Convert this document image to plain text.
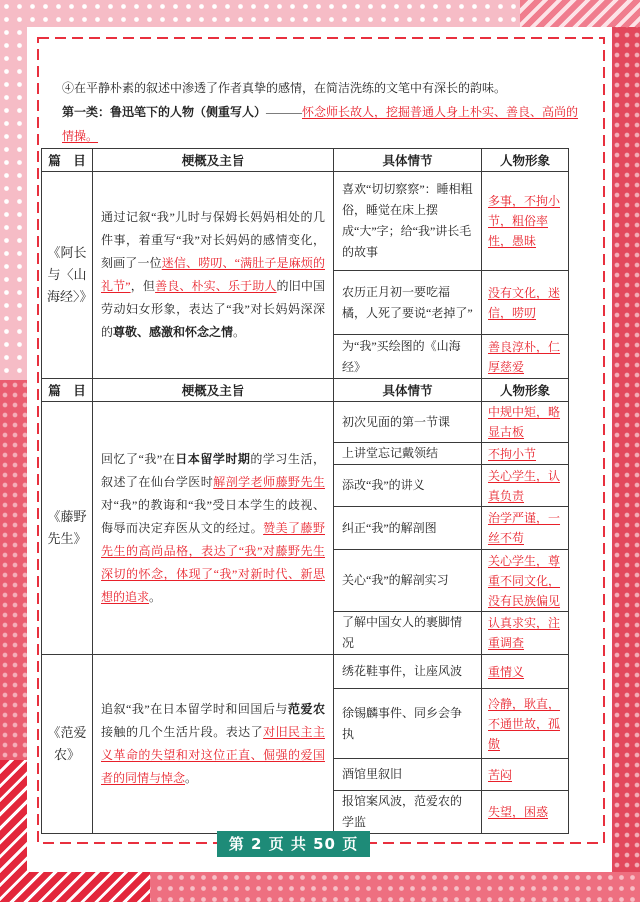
④在平静朴素的叙述中渗透了作者真挚的感情，在简洁洗练的文笔中有深长的韵味。

第一类：鲁迅笔下的人物（侧重写人）———怀念师长故人，挖掘普通人身上朴实、善良、高尚的情操。

篇　目	梗概及主旨	具体情节	人物形象
《阿长与〈山海经〉》	通过记叙“我”儿时与保姆长妈妈相处的几件事，着重写“我”对长妈妈的感情变化，刻画了一位迷信、唠叨、“满肚子是麻烦的礼节”，但善良、朴实、乐于助人的旧中国劳动妇女形象，表达了“我”对长妈妈深深的尊敬、感激和怀念之情。	喜欢“切切察察”：睡相粗俗，睡觉在床上摆成“大”字；给“我”讲长毛的故事	多事，不拘小节，粗俗率性，愚昧
		农历正月初一要吃福橘，人死了要说“老掉了”	没有文化，迷信，唠叨
		为“我”买绘图的《山海经》	善良淳朴，仁厚慈爱
篇　目	梗概及主旨	具体情节	人物形象
《藤野先生》	回忆了“我”在日本留学时期的学习生活，叙述了在仙台学医时解剖学老师藤野先生对“我”的教诲和“我”受日本学生的歧视、侮辱而决定弃医从文的经过。赞美了藤野先生的高尚品格，表达了“我”对藤野先生深切的怀念，体现了“我”对新时代、新思想的追求。	初次见面的第一节课	中规中矩，略显古板
		上讲堂忘记戴领结	不拘小节
		添改“我”的讲义	关心学生，认真负责
		纠正“我”的解剖图	治学严谨，一丝不苟
		关心“我”的解剖实习	关心学生，尊重不同文化，没有民族偏见
		了解中国女人的裹脚情况	认真求实，注重调查
《范爱农》	追叙“我”在日本留学时和回国后与范爱农接触的几个生活片段。表达了对旧民主主义革命的失望和对这位正直、倔强的爱国者的同情与悼念。	绣花鞋事件，让座风波	重情义
		徐锡麟事件、同乡会争执	冷静，耿直，不通世故，孤傲
		酒馆里叙旧	苦闷
		报馆案风波，范爱农的学监	失望，困惑
第 2 页 共 50 页
